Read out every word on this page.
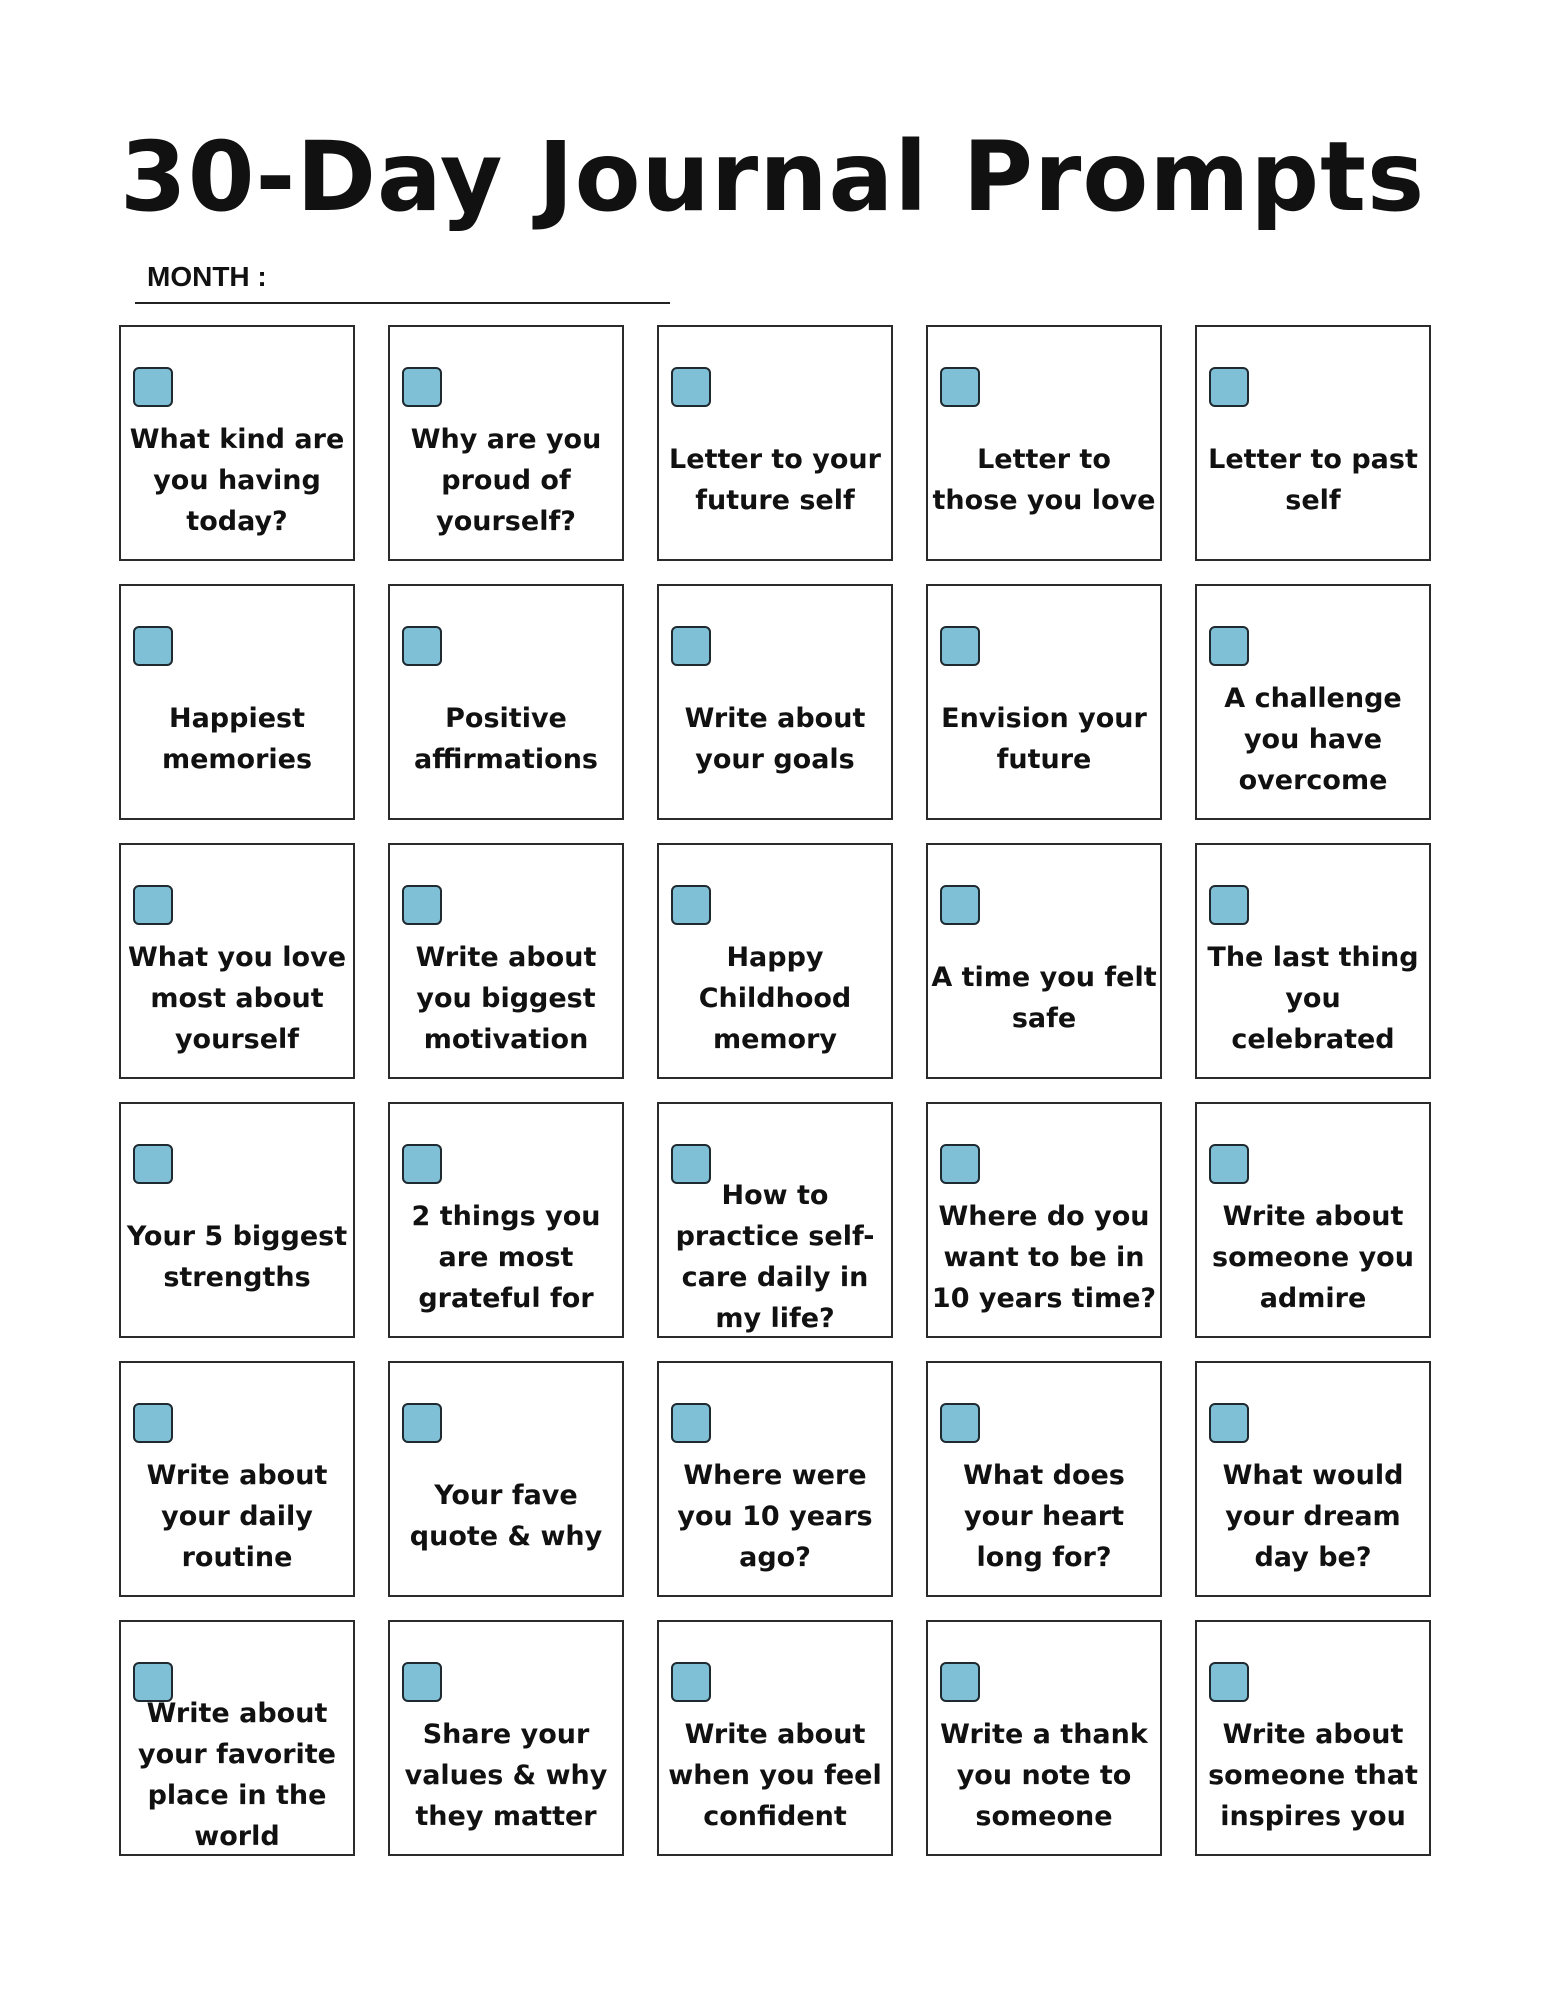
30-Day Journal Prompts
MONTH :
What kind are you having today?
Why are you proud of yourself?
Letter to your future self
Letter to those you love
Letter to past self
Happiest memories
Positive affirmations
Write about your goals
Envision your future
A challenge you have overcome
What you love most about yourself
Write about you biggest motivation
Happy Childhood memory
A time you felt safe
The last thing you celebrated
Your 5 biggest strengths
2 things you are most grateful for
How to practice self-care daily in my life?
Where do you want to be in 10 years time?
Write about someone you admire
Write about your daily routine
Your fave quote & why
Where were you 10 years ago?
What does your heart long for?
What would your dream day be?
Write about your favorite place in the world
Share your values & why they matter
Write about when you feel confident
Write a thank you note to someone
Write about someone that inspires you
